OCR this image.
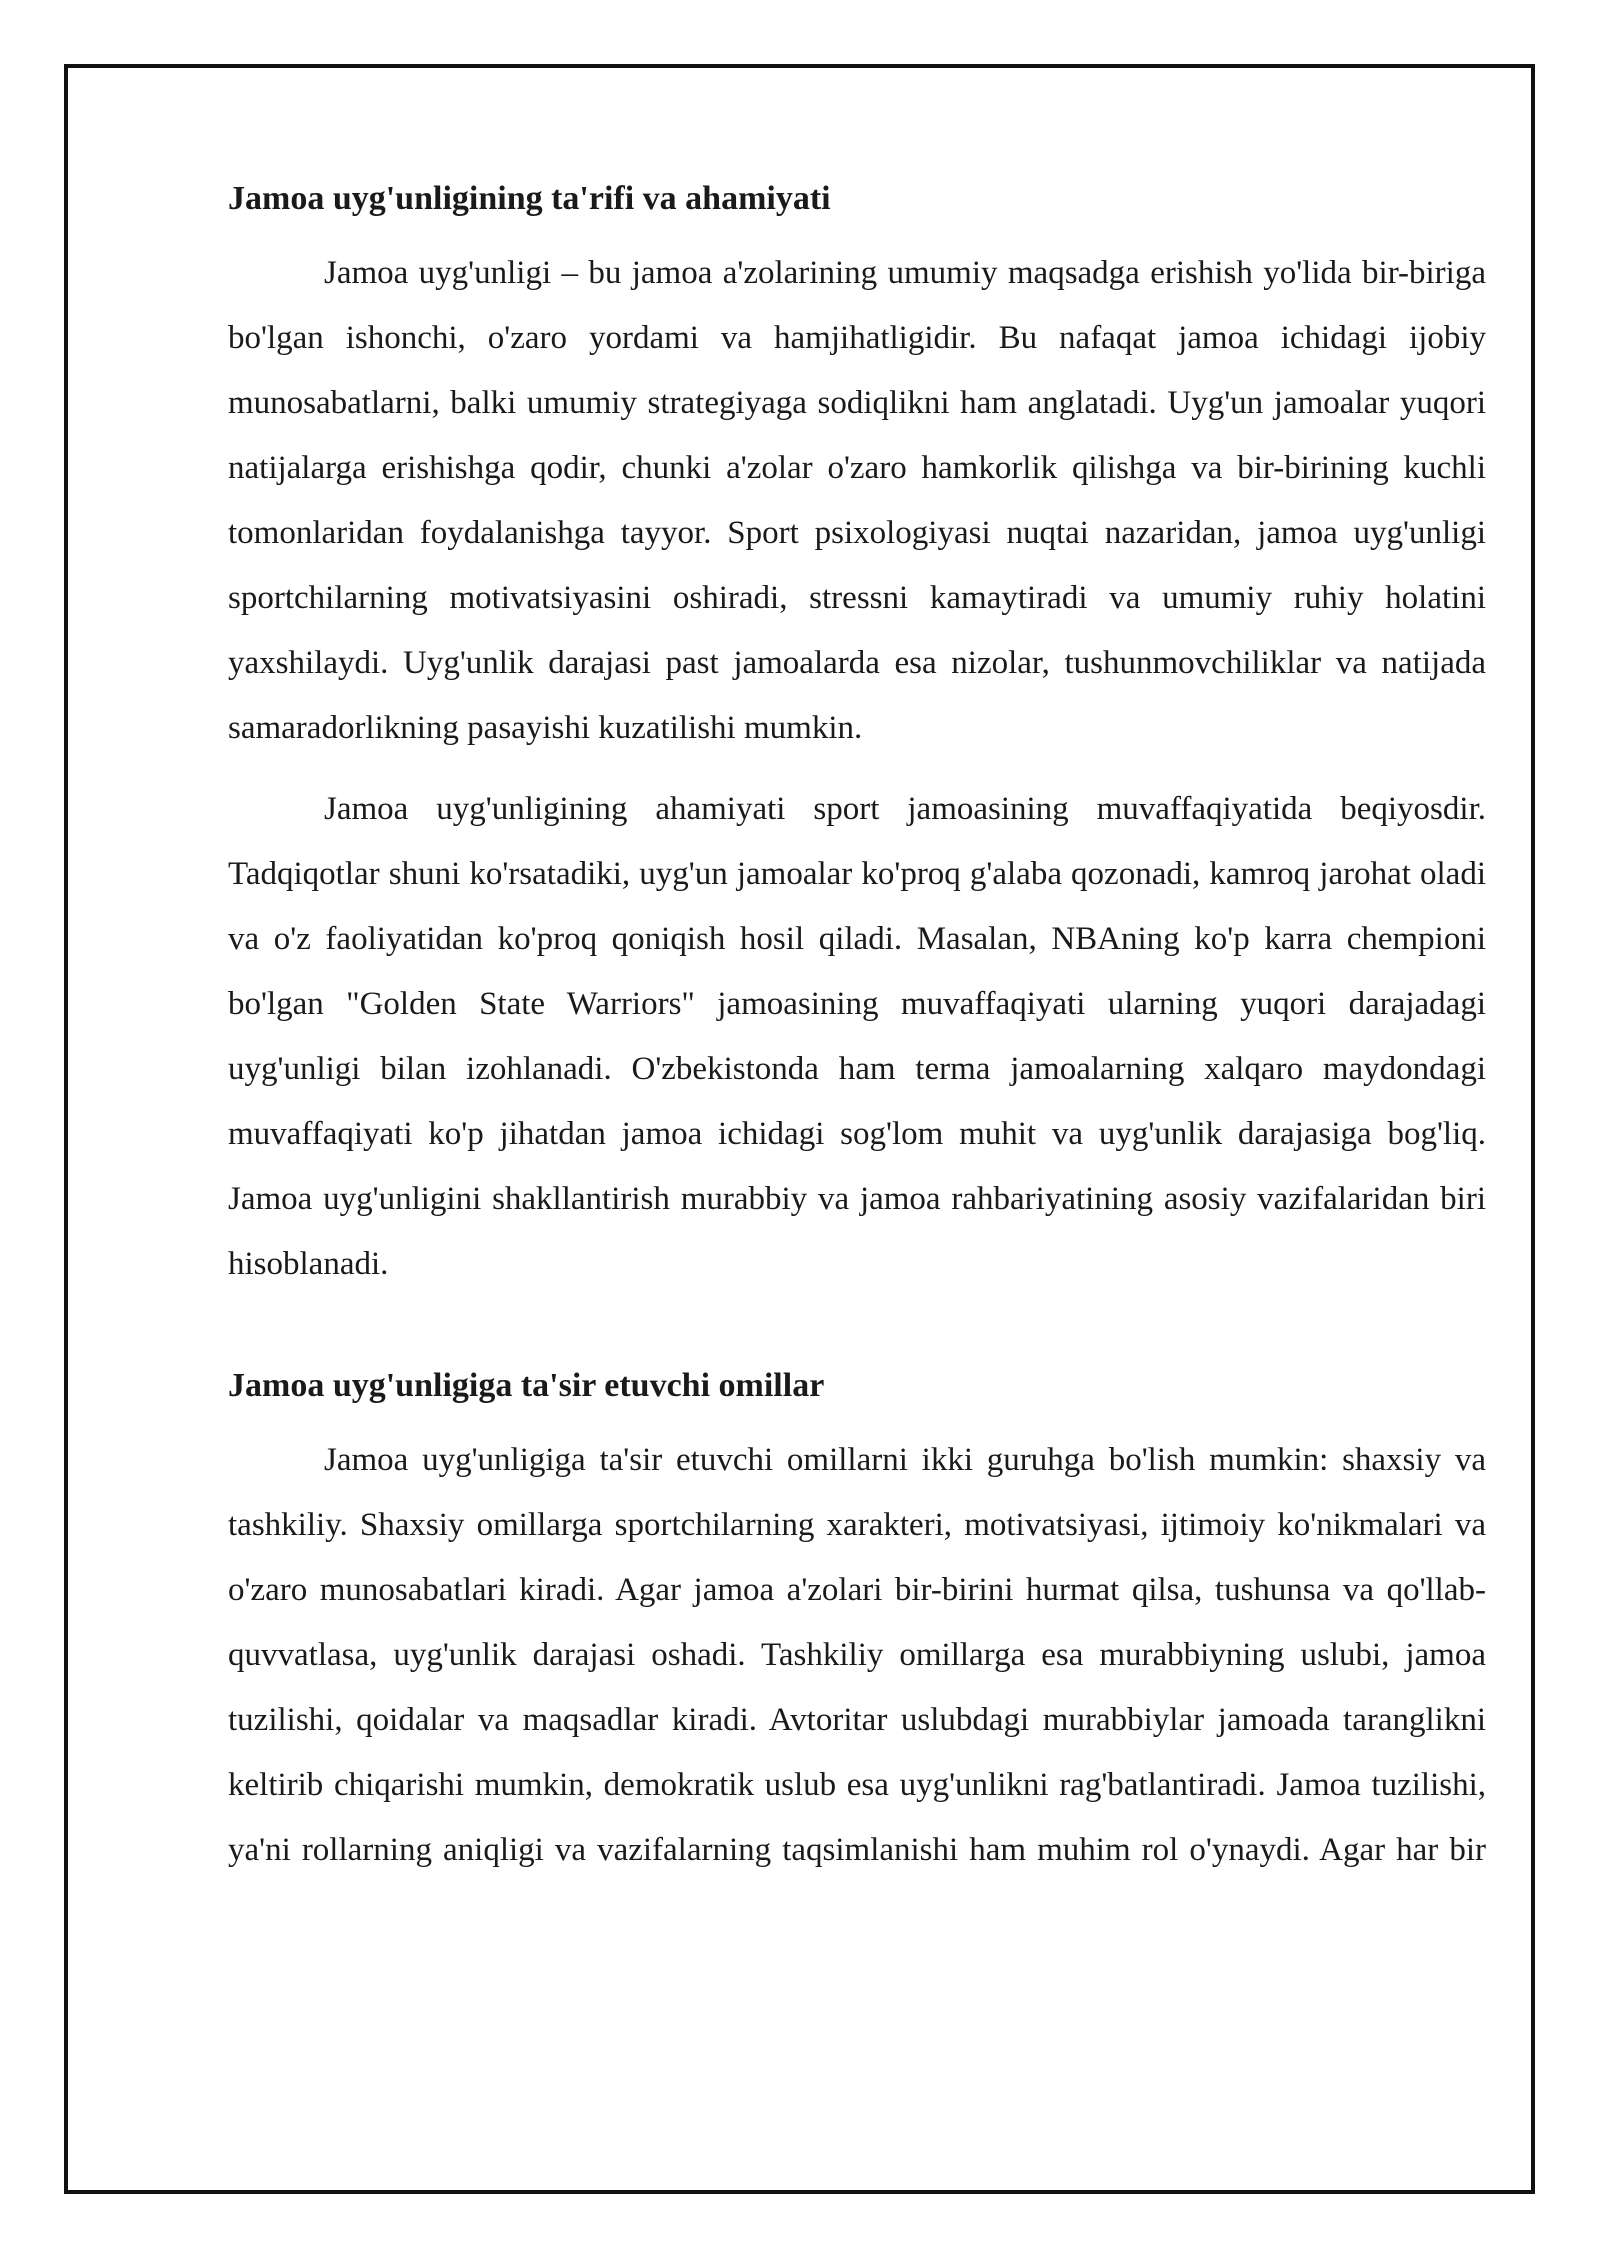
Jamoa uyg'unligining ta'rifi va ahamiyati

Jamoa uyg'unligi – bu jamoa a'zolarining umumiy maqsadga erishish yo'lida bir-biriga bo'lgan ishonchi, o'zaro yordami va hamjihatligidir. Bu nafaqat jamoa ichidagi ijobiy munosabatlarni, balki umumiy strategiyaga sodiqlikni ham anglatadi. Uyg'un jamoalar yuqori natijalarga erishishga qodir, chunki a'zolar o'zaro hamkorlik qilishga va bir-birining kuchli tomonlaridan foydalanishga tayyor. Sport psixologiyasi nuqtai nazaridan, jamoa uyg'unligi sportchilarning motivatsiyasini oshiradi, stressni kamaytiradi va umumiy ruhiy holatini yaxshilaydi. Uyg'unlik darajasi past jamoalarda esa nizolar, tushunmovchiliklar va natijada samaradorlikning pasayishi kuzatilishi mumkin.

Jamoa uyg'unligining ahamiyati sport jamoasining muvaffaqiyatida beqiyosdir. Tadqiqotlar shuni ko'rsatadiki, uyg'un jamoalar ko'proq g'alaba qozonadi, kamroq jarohat oladi va o'z faoliyatidan ko'proq qoniqish hosil qiladi. Masalan, NBAning ko'p karra chempioni bo'lgan "Golden State Warriors" jamoasining muvaffaqiyati ularning yuqori darajadagi uyg'unligi bilan izohlanadi. O'zbekistonda ham terma jamoalarning xalqaro maydondagi muvaffaqiyati ko'p jihatdan jamoa ichidagi sog'lom muhit va uyg'unlik darajasiga bog'liq. Jamoa uyg'unligini shakllantirish murabbiy va jamoa rahbariyatining asosiy vazifalaridan biri hisoblanadi.

Jamoa uyg'unligiga ta'sir etuvchi omillar

Jamoa uyg'unligiga ta'sir etuvchi omillarni ikki guruhga bo'lish mumkin: shaxsiy va tashkiliy. Shaxsiy omillarga sportchilarning xarakteri, motivatsiyasi, ijtimoiy ko'nikmalari va o'zaro munosabatlari kiradi. Agar jamoa a'zolari bir-birini hurmat qilsa, tushunsa va qo'llab-quvvatlasa, uyg'unlik darajasi oshadi. Tashkiliy omillarga esa murabbiyning uslubi, jamoa tuzilishi, qoidalar va maqsadlar kiradi. Avtoritar uslubdagi murabbiylar jamoada taranglikni keltirib chiqarishi mumkin, demokratik uslub esa uyg'unlikni rag'batlantiradi. Jamoa tuzilishi, ya'ni rollarning aniqligi va vazifalarning taqsimlanishi ham muhim rol o'ynaydi. Agar har bir
